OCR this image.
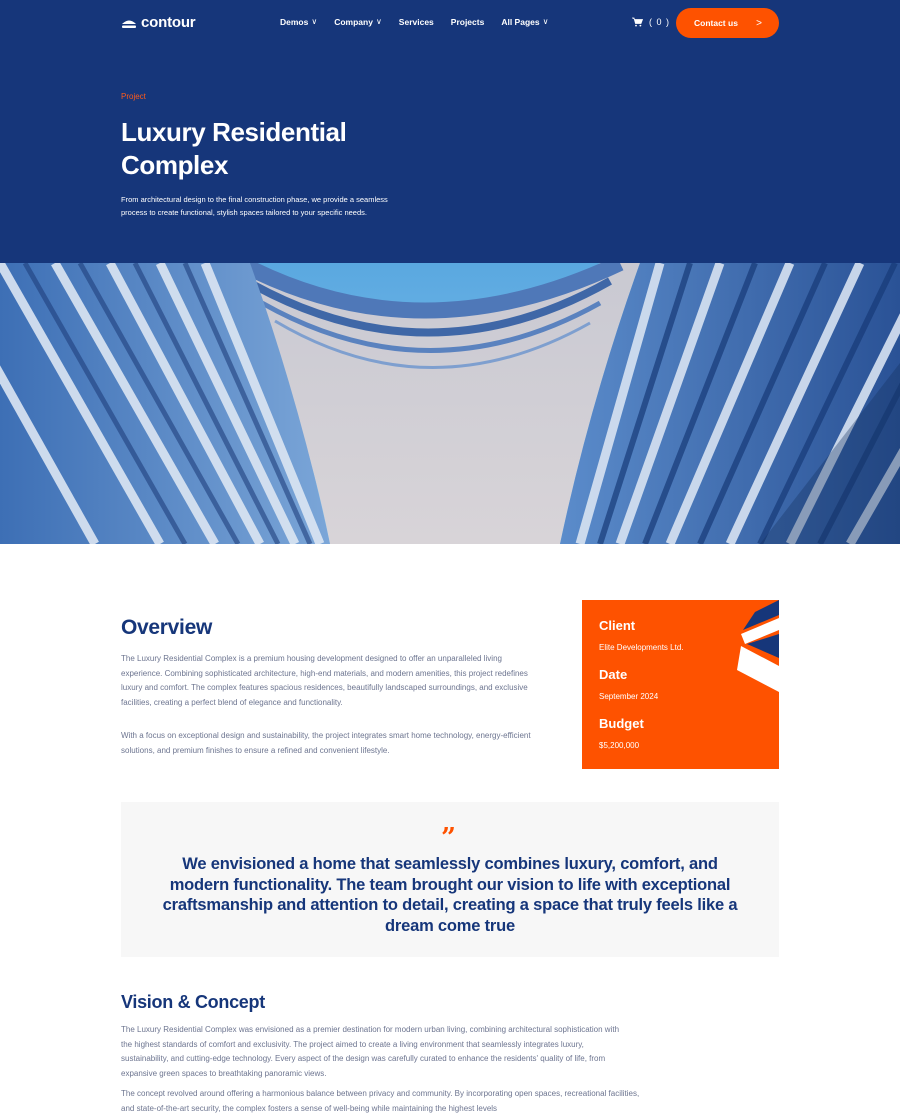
contour	Demos ∨ Company ∨ Services Projects All Pages ∨	( 0 )	Contact us >
Project
Luxury Residential Complex

From architectural design to the final construction phase, we provide a seamless process to create functional, stylish spaces tailored to your specific needs.

Overview

The Luxury Residential Complex is a premium housing development designed to offer an unparalleled living experience. Combining sophisticated architecture, high-end materials, and modern amenities, this project redefines luxury and comfort. The complex features spacious residences, beautifully landscaped surroundings, and exclusive facilities, creating a perfect blend of elegance and functionality.

With a focus on exceptional design and sustainability, the project integrates smart home technology, energy-efficient solutions, and premium finishes to ensure a refined and convenient lifestyle.

Client
Elite Developments Ltd.
Date
September 2024
Budget
$5,200,000
”

We envisioned a home that seamlessly combines luxury, comfort, and modern functionality. The team brought our vision to life with exceptional craftsmanship and attention to detail, creating a space that truly feels like a dream come true

Vision & Concept

The Luxury Residential Complex was envisioned as a premier destination for modern urban living, combining architectural sophistication with the highest standards of comfort and exclusivity. The project aimed to create a living environment that seamlessly integrates luxury, sustainability, and cutting-edge technology. Every aspect of the design was carefully curated to enhance the residents' quality of life, from expansive green spaces to breathtaking panoramic views.

The concept revolved around offering a harmonious balance between privacy and community. By incorporating open spaces, recreational facilities, and state-of-the-art security, the complex fosters a sense of well-being while maintaining the highest levels
